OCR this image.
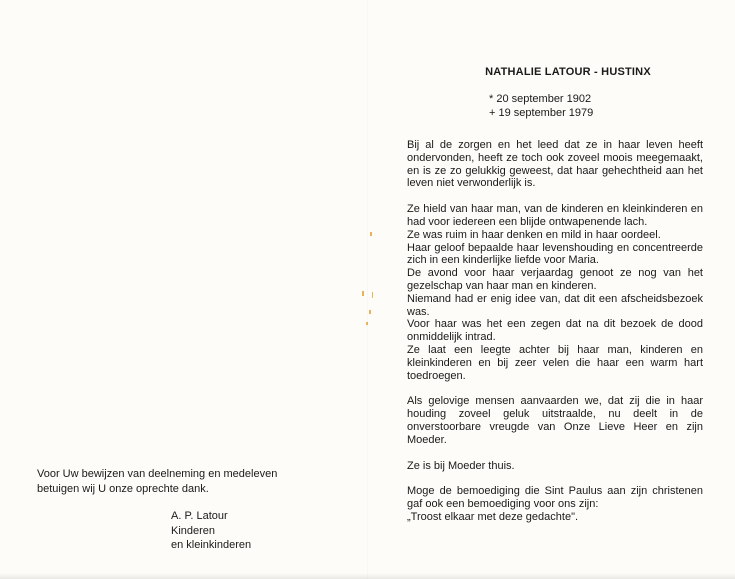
Voor Uw bewijzen van deelneming en medeleven

betuigen wij U onze oprechte dank.

A. P. Latour
Kinderen
en kleinkinderen
NATHALIE LATOUR - HUSTINX
* 20 september 1902
+ 19 september 1979

Bij al de zorgen en het leed dat ze in haar leven heeft ondervonden, heeft ze toch ook zoveel moois meegemaakt, en is ze zo gelukkig geweest, dat haar gehechtheid aan het leven niet verwonderlijk is.

Ze hield van haar man, van de kinderen en kleinkinderen en had voor iedereen een blijde ontwapenende lach.

Ze was ruim in haar denken en mild in haar oordeel.

Haar geloof bepaalde haar levenshouding en concentreerde zich in een kinderlijke liefde voor Maria.

De avond voor haar verjaardag genoot ze nog van het gezelschap van haar man en kinderen.

Niemand had er enig idee van, dat dit een afscheidsbezoek was.

Voor haar was het een zegen dat na dit bezoek de dood onmiddelijk intrad.

Ze laat een leegte achter bij haar man, kinderen en kleinkinderen en bij zeer velen die haar een warm hart toedroegen.

Als gelovige mensen aanvaarden we, dat zij die in haar houding zoveel geluk uitstraalde, nu deelt in de onverstoorbare vreugde van Onze Lieve Heer en zijn Moeder.

Ze is bij Moeder thuis.

Moge de bemoediging die Sint Paulus aan zijn christenen gaf ook een bemoediging voor ons zijn:

„Troost elkaar met deze gedachte".
